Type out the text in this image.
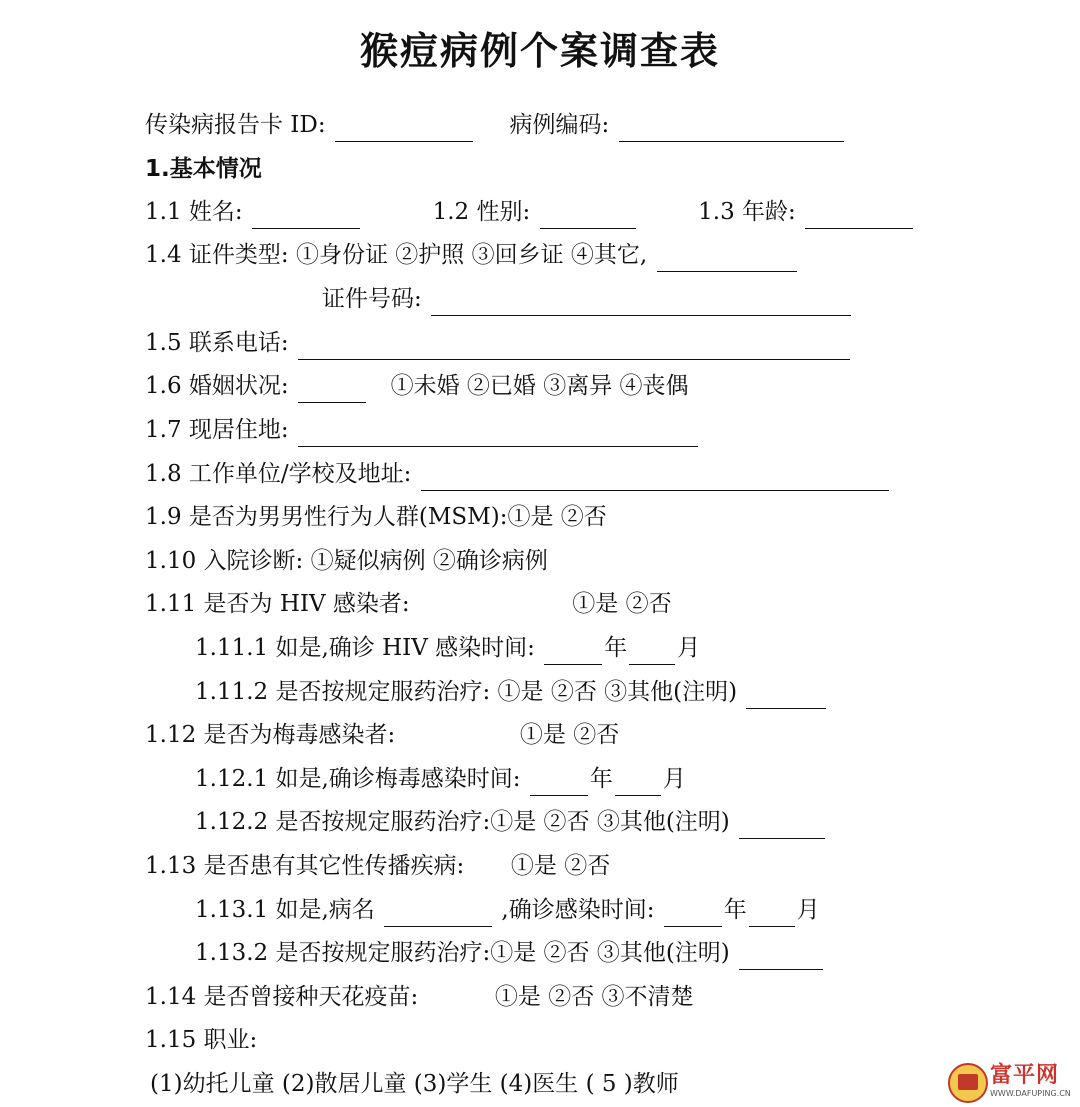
猴痘病例个案调查表
传染病报告卡 ID:	病例编码:
1.基本情况
1.1 姓名:	1.2 性别:	1.3 年龄:
1.4 证件类型: ①身份证 ②护照 ③回乡证 ④其它,
证件号码:
1.5 联系电话:
1.6 婚姻状况:	①未婚 ②已婚 ③离异 ④丧偶
1.7 现居住地:
1.8 工作单位/学校及地址:
1.9 是否为男男性行为人群(MSM):①是 ②否
1.10 入院诊断: ①疑似病例 ②确诊病例
1.11 是否为 HIV 感染者:	①是 ②否
1.11.1 如是,确诊 HIV 感染时间:	年 月
1.11.2 是否按规定服药治疗: ①是 ②否 ③其他(注明)
1.12 是否为梅毒感染者:	①是 ②否
1.12.1 如是,确诊梅毒感染时间:	年 月
1.12.2 是否按规定服药治疗:①是 ②否 ③其他(注明)
1.13 是否患有其它性传播疾病: ①是 ②否
1.13.1 如是,病名	,确诊感染时间:	年 月
1.13.2 是否按规定服药治疗:①是 ②否 ③其他(注明)
1.14 是否曾接种天花疫苗:	①是 ②否 ③不清楚
1.15 职业:
(1)幼托儿童 (2)散居儿童 (3)学生 (4)医生 ( 5 )教师	富平网
WWW.DAFUPING.CN
